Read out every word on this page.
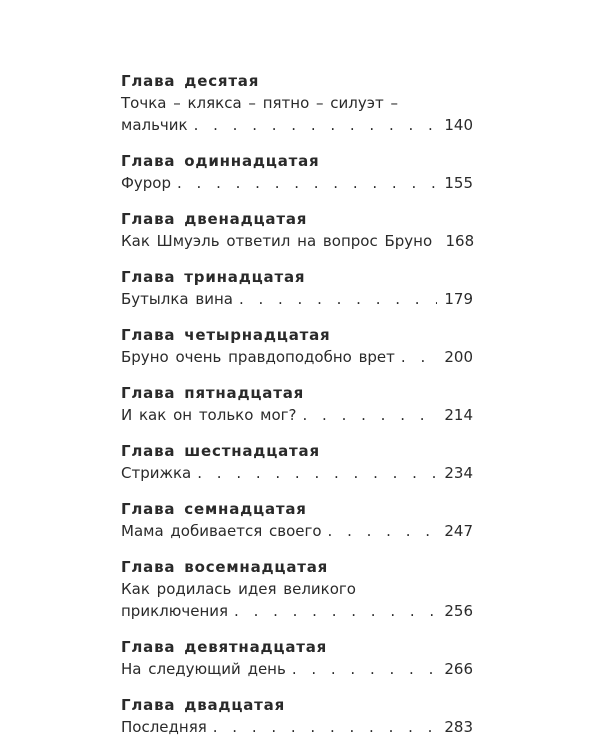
Глава десятая
Точка – клякса – пятно – силуэт –
мальчик . . .	140
Глава одиннадцатая
Фурор . . .	155
Глава двенадцатая
Как Шмуэль ответил на вопрос Бруно 168
Глава тринадцатая
Бутылка вина . . .	179
Глава четырнадцатая
Бруно очень правдоподобно врет . . .	200
Глава пятнадцатая
И как он только мог? . . .	214
Глава шестнадцатая
Стрижка . . .	234
Глава семнадцатая
Мама добивается своего . . .	247
Глава восемнадцатая
Как родилась идея великого
приключения . . .	256
Глава девятнадцатая
На следующий день . . .	266
Глава двадцатая
Последняя . . .	283
